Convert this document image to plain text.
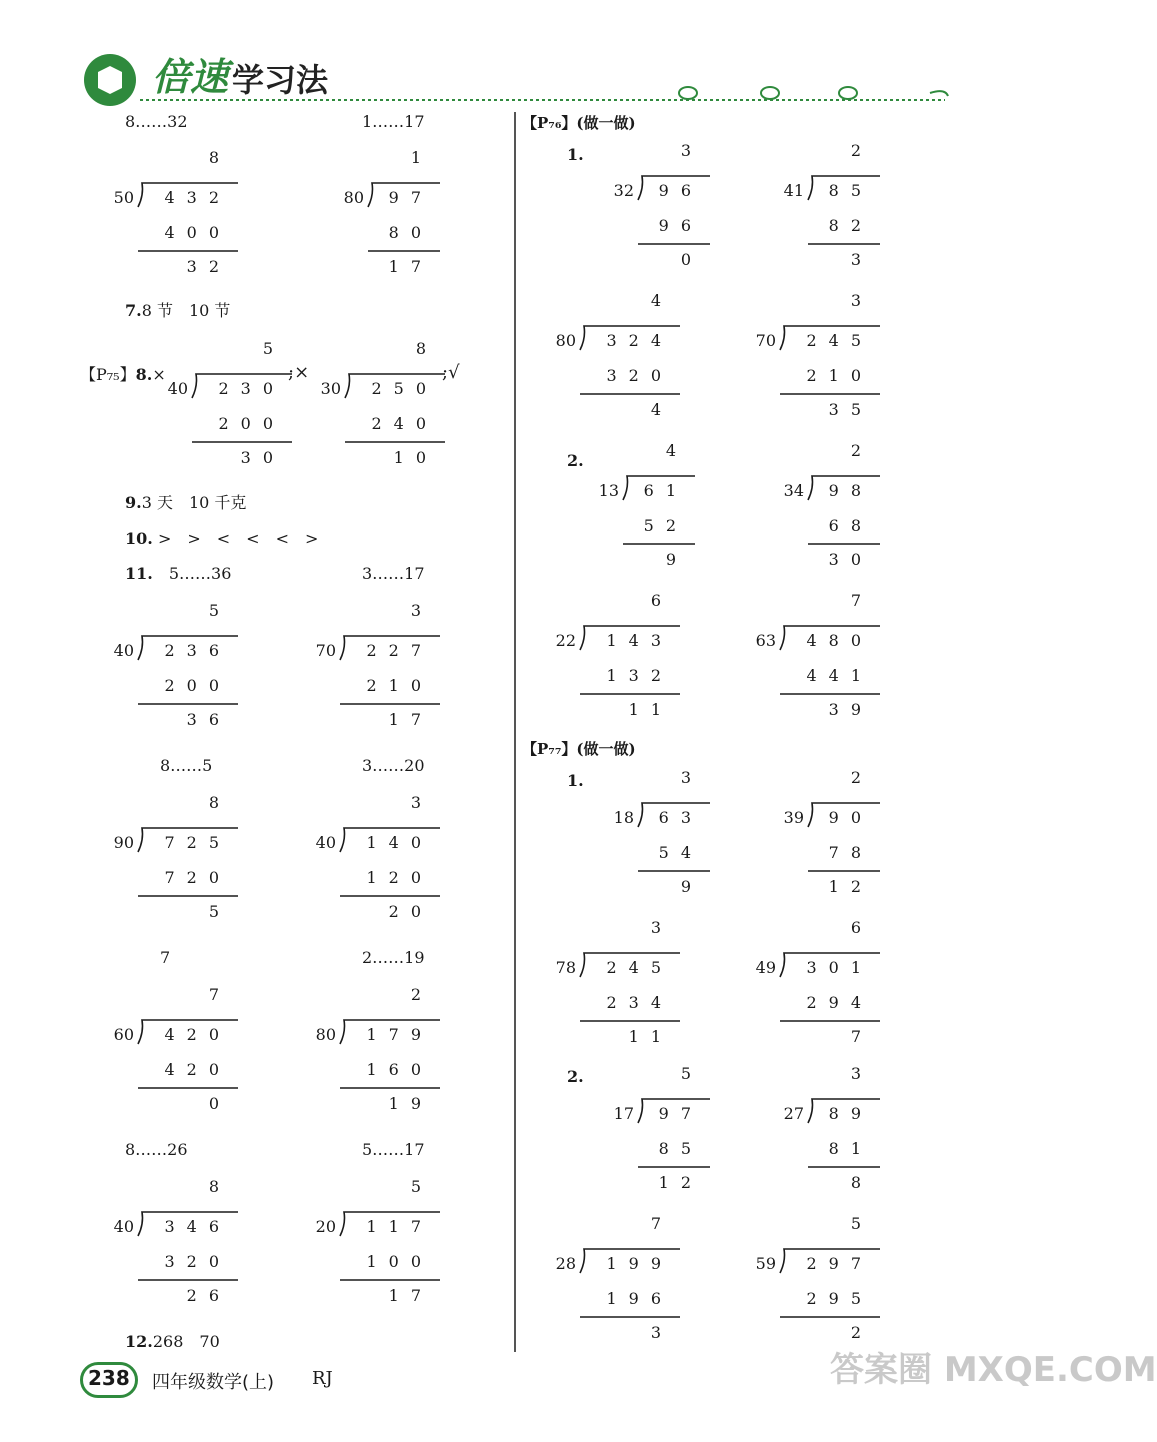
倍速 学习法
8……32	1……17
8
432
400
32
50
1
97
80
17
80
7.8 节　10 节
【P₇₅】8.×
5
230
200
30
40
;×
8
250
240
10
30
;√
9.3 天　10 千克
10. >　>　<　<　<　>
11.　 5……36	3……17
5
236
200
36
40
3
227
210
17
70
8……5	3……20
8
725
720
5
90
3
140
120
20
40
7	2……19
7
420
420
0
60
2
179
160
19
80
8……26	5……17
8
346
320
26
40
5
117
100
17
20
12.268　70
【P₇₆】(做一做)
1.	3
96
96
0
32
2
85
82
3
41
4
324
320
4
80
3
245
210
35
70
2.
4
61
52
9
13
2
98
68
30
34
6
143
132
11
22
7
480
441
39
63
【P₇₇】(做一做)
1.	3
63
54
9
18
2
90
78
12
39
3
245
234
11
78
6
301
294
7
49
2.	5
97
85
12
17
3
89
81
8
27
7
199
196
3
28
5
297
295
2
59
238 四年级数学(上) RJ	答案圈 MXQE.COM
